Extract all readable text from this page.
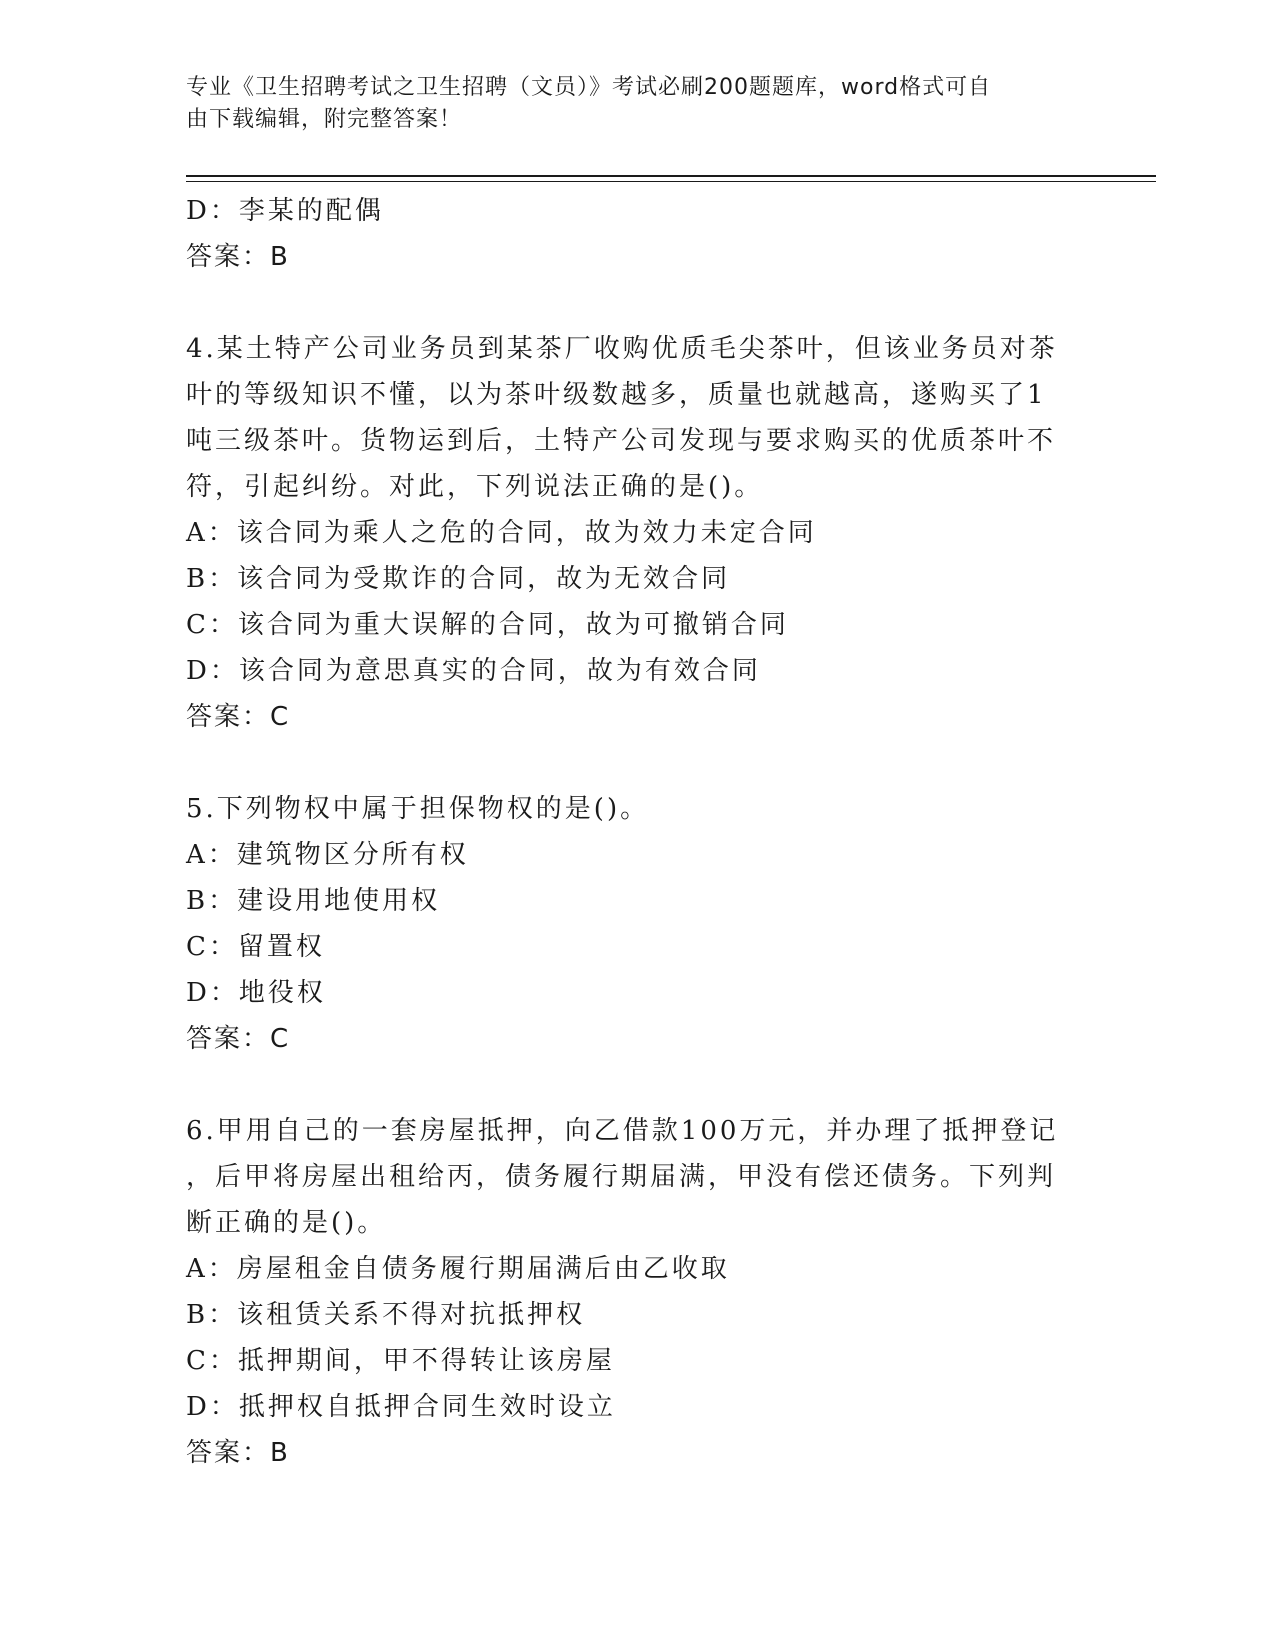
专业《卫生招聘考试之卫生招聘（文员）》考试必刷200题题库，word格式可自
由下载编辑，附完整答案！
D：李某的配偶
答案：B
4.某土特产公司业务员到某茶厂收购优质毛尖茶叶，但该业务员对茶
叶的等级知识不懂，以为茶叶级数越多，质量也就越高，遂购买了1
吨三级茶叶。货物运到后，土特产公司发现与要求购买的优质茶叶不
符，引起纠纷。对此，下列说法正确的是()。
A：该合同为乘人之危的合同，故为效力未定合同
B：该合同为受欺诈的合同，故为无效合同
C：该合同为重大误解的合同，故为可撤销合同
D：该合同为意思真实的合同，故为有效合同
答案：C
5.下列物权中属于担保物权的是()。
A：建筑物区分所有权
B：建设用地使用权
C：留置权
D：地役权
答案：C
6.甲用自己的一套房屋抵押，向乙借款100万元，并办理了抵押登记
，后甲将房屋出租给丙，债务履行期届满，甲没有偿还债务。下列判
断正确的是()。
A：房屋租金自债务履行期届满后由乙收取
B：该租赁关系不得对抗抵押权
C：抵押期间，甲不得转让该房屋
D：抵押权自抵押合同生效时设立
答案：B
